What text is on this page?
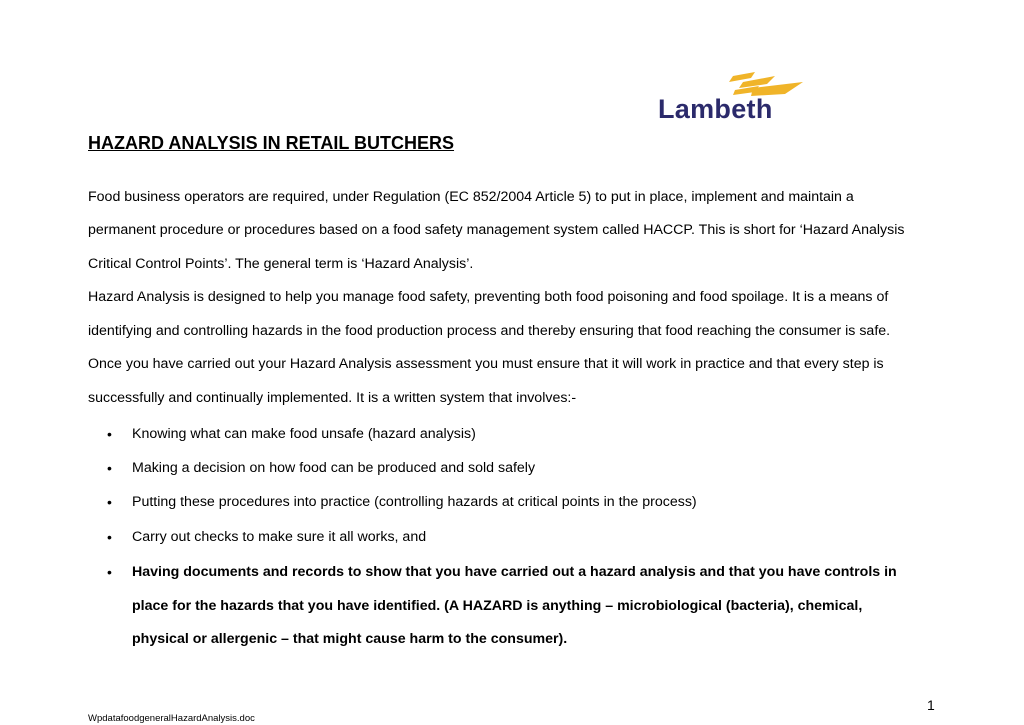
Lambeth
HAZARD ANALYSIS IN RETAIL BUTCHERS
Food business operators are required, under Regulation (EC 852/2004 Article 5) to put in place, implement and maintain a
permanent procedure or procedures based on a food safety management system called HACCP. This is short for ‘Hazard Analysis
Critical Control Points’. The general term is ‘Hazard Analysis’.
Hazard Analysis is designed to help you manage food safety, preventing both food poisoning and food spoilage. It is a means of
identifying and controlling hazards in the food production process and thereby ensuring that food reaching the consumer is safe.
Once you have carried out your Hazard Analysis assessment you must ensure that it will work in practice and that every step is
successfully and continually implemented. It is a written system that involves:-
• Knowing what can make food unsafe (hazard analysis)
• Making a decision on how food can be produced and sold safely
• Putting these procedures into practice (controlling hazards at critical points in the process)
• Carry out checks to make sure it all works, and
• Having documents and records to show that you have carried out a hazard analysis and that you have controls in
place for the hazards that you have identified. (A HAZARD is anything – microbiological (bacteria), chemical,
physical or allergenic – that might cause harm to the consumer).
1
WpdatafoodgeneralHazardAnalysis.doc
